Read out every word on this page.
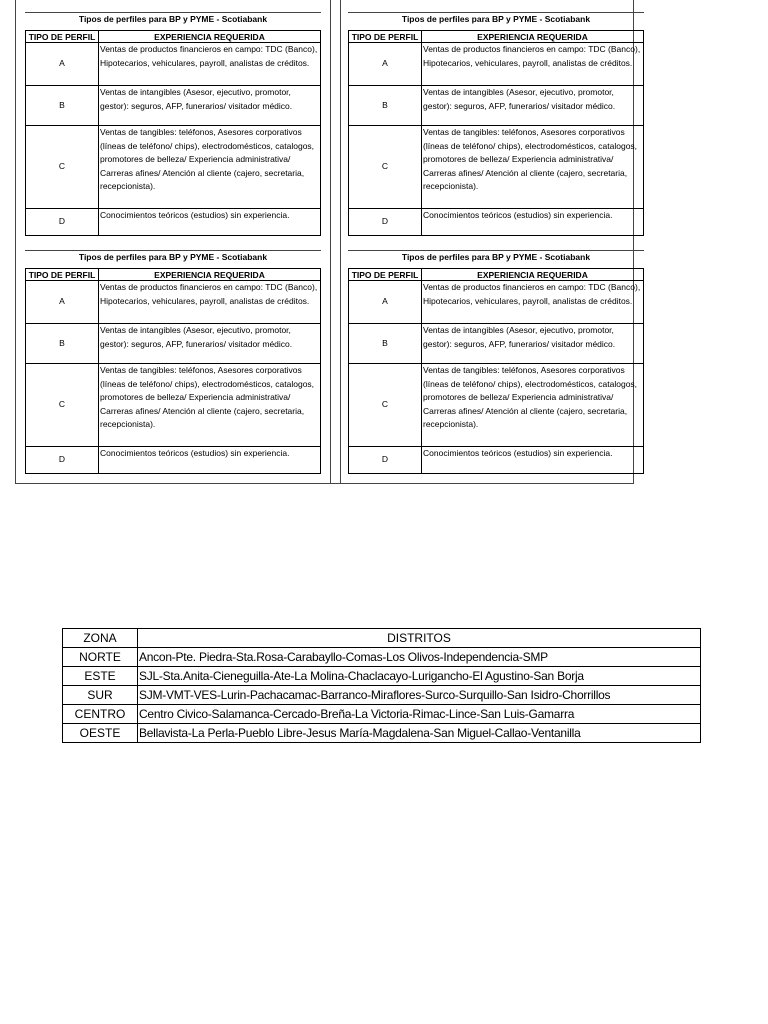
Tipos de perfiles para BP y PYME - Scotiabank
TIPO DE PERFIL	EXPERIENCIA REQUERIDA
A	Ventas de productos financieros en campo: TDC (Banco), Hipotecarios, vehiculares, payroll, analistas de créditos.
B	Ventas de intangibles (Asesor, ejecutivo, promotor, gestor): seguros, AFP, funerarios/ visitador médico.
C	Ventas de tangibles: teléfonos, Asesores corporativos (líneas de teléfono/ chips), electrodomésticos, catalogos, promotores de belleza/ Experiencia administrativa/ Carreras afines/ Atención al cliente (cajero, secretaria, recepcionista).
D	Conocimientos teóricos (estudios) sin experiencia.
Tipos de perfiles para BP y PYME - Scotiabank
TIPO DE PERFIL	EXPERIENCIA REQUERIDA
A	Ventas de productos financieros en campo: TDC (Banco), Hipotecarios, vehiculares, payroll, analistas de créditos.
B	Ventas de intangibles (Asesor, ejecutivo, promotor, gestor): seguros, AFP, funerarios/ visitador médico.
C	Ventas de tangibles: teléfonos, Asesores corporativos (líneas de teléfono/ chips), electrodomésticos, catalogos, promotores de belleza/ Experiencia administrativa/ Carreras afines/ Atención al cliente (cajero, secretaria, recepcionista).
D	Conocimientos teóricos (estudios) sin experiencia.
Tipos de perfiles para BP y PYME - Scotiabank
TIPO DE PERFIL	EXPERIENCIA REQUERIDA
A	Ventas de productos financieros en campo: TDC (Banco), Hipotecarios, vehiculares, payroll, analistas de créditos.
B	Ventas de intangibles (Asesor, ejecutivo, promotor, gestor): seguros, AFP, funerarios/ visitador médico.
C	Ventas de tangibles: teléfonos, Asesores corporativos (líneas de teléfono/ chips), electrodomésticos, catalogos, promotores de belleza/ Experiencia administrativa/ Carreras afines/ Atención al cliente (cajero, secretaria, recepcionista).
D	Conocimientos teóricos (estudios) sin experiencia.
Tipos de perfiles para BP y PYME - Scotiabank
TIPO DE PERFIL	EXPERIENCIA REQUERIDA
A	Ventas de productos financieros en campo: TDC (Banco), Hipotecarios, vehiculares, payroll, analistas de créditos.
B	Ventas de intangibles (Asesor, ejecutivo, promotor, gestor): seguros, AFP, funerarios/ visitador médico.
C	Ventas de tangibles: teléfonos, Asesores corporativos (líneas de teléfono/ chips), electrodomésticos, catalogos, promotores de belleza/ Experiencia administrativa/ Carreras afines/ Atención al cliente (cajero, secretaria, recepcionista).
D	Conocimientos teóricos (estudios) sin experiencia.
ZONA	DISTRITOS
NORTE	Ancon-Pte. Piedra-Sta.Rosa-Carabayllo-Comas-Los Olivos-Independencia-SMP
ESTE	SJL-Sta.Anita-Cieneguilla-Ate-La Molina-Chaclacayo-Lurigancho-El Agustino-San Borja
SUR	SJM-VMT-VES-Lurin-Pachacamac-Barranco-Miraflores-Surco-Surquillo-San Isidro-Chorrillos
CENTRO	Centro Civico-Salamanca-Cercado-Breña-La Victoria-Rimac-Lince-San Luis-Gamarra
OESTE	Bellavista-La Perla-Pueblo Libre-Jesus María-Magdalena-San Miguel-Callao-Ventanilla
